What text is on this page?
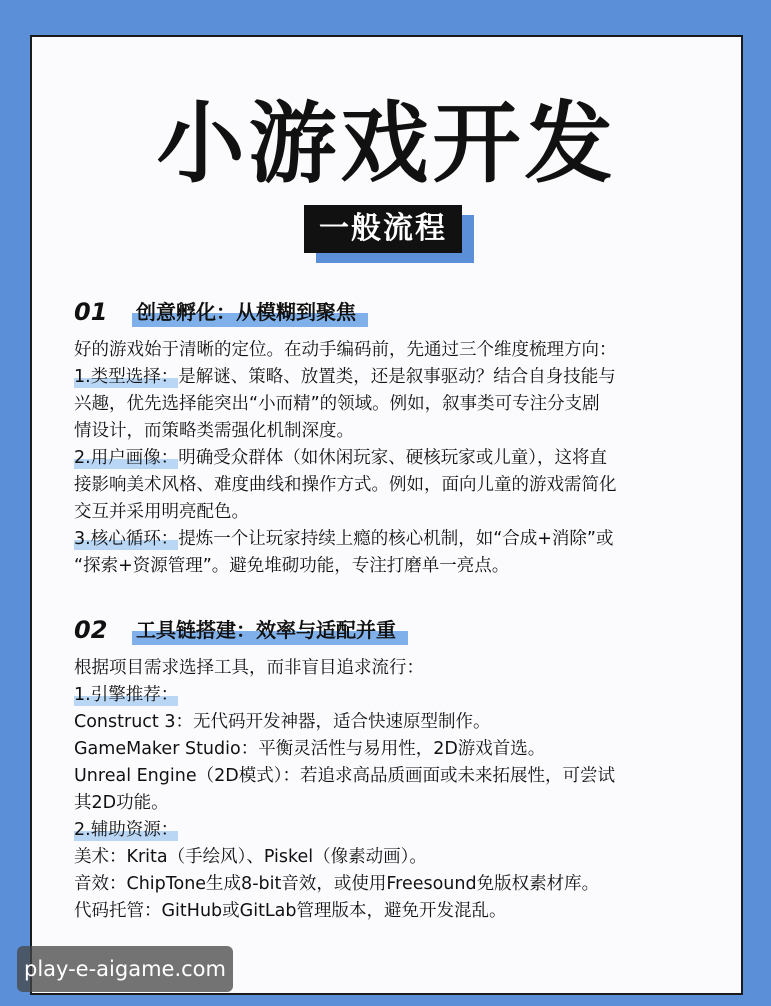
小游戏开发
一般流程
01 创意孵化：从模糊到聚焦

好的游戏始于清晰的定位。在动手编码前，先通过三个维度梳理方向：

1.类型选择：是解谜、策略、放置类，还是叙事驱动？结合自身技能与

兴趣，优先选择能突出“小而精”的领域。例如，叙事类可专注分支剧

情设计，而策略类需强化机制深度。

2.用户画像：明确受众群体（如休闲玩家、硬核玩家或儿童），这将直

接影响美术风格、难度曲线和操作方式。例如，面向儿童的游戏需简化

交互并采用明亮配色。

3.核心循环：提炼一个让玩家持续上瘾的核心机制，如“合成+消除”或

“探索+资源管理”。避免堆砌功能，专注打磨单一亮点。

02 工具链搭建：效率与适配并重

根据项目需求选择工具，而非盲目追求流行：

1.引擎推荐：

Construct 3：无代码开发神器，适合快速原型制作。

GameMaker Studio：平衡灵活性与易用性，2D游戏首选。

Unreal Engine（2D模式）：若追求高品质画面或未来拓展性，可尝试

其2D功能。

2.辅助资源：

美术：Krita（手绘风）、Piskel（像素动画）。

音效：ChipTone生成8-bit音效，或使用Freesound免版权素材库。

代码托管：GitHub或GitLab管理版本，避免开发混乱。

play-e-aigame.com
